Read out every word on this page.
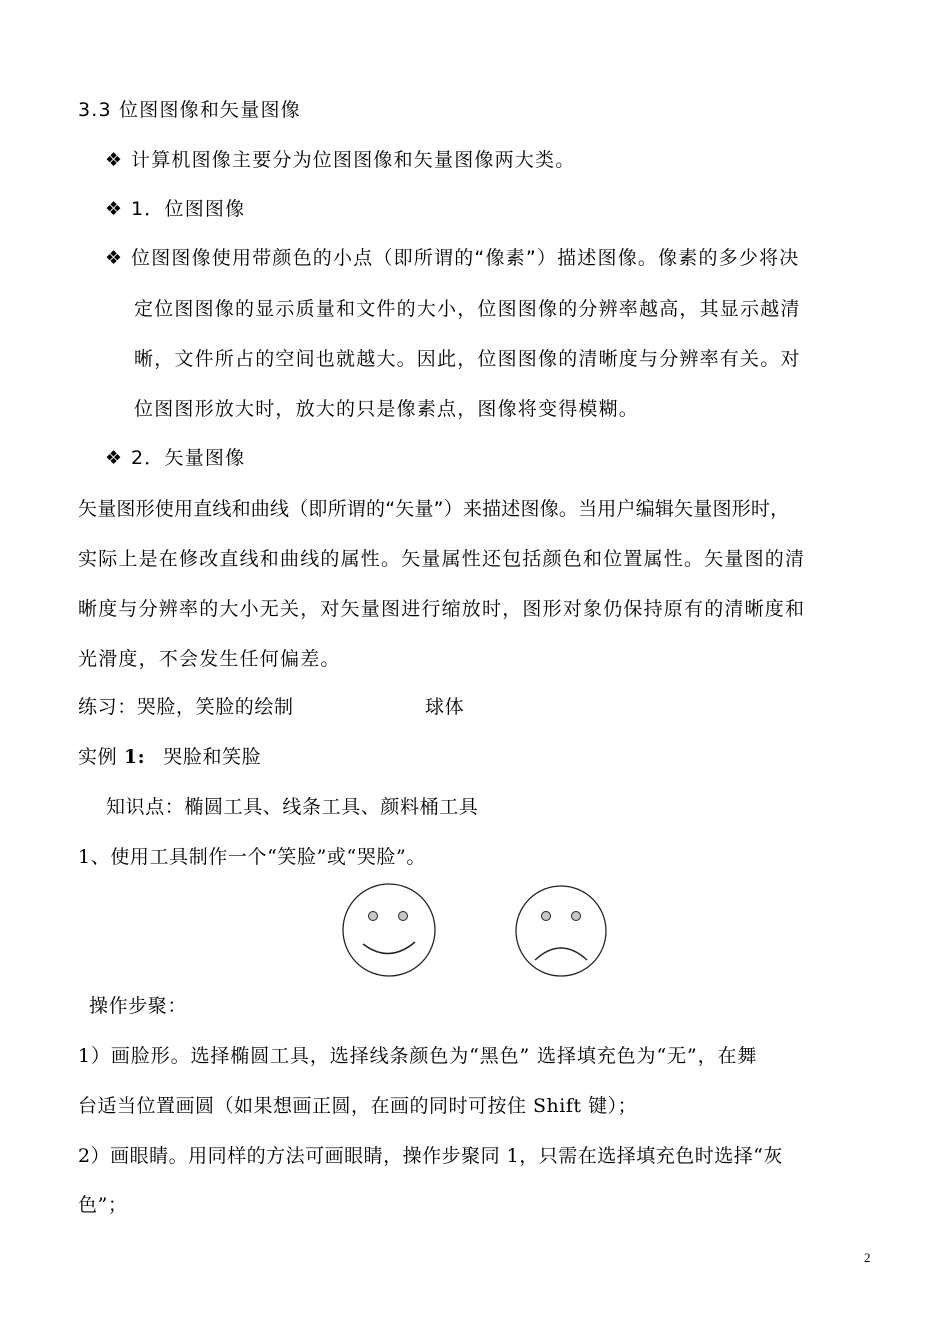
3.3 位图图像和矢量图像
❖ 计算机图像主要分为位图图像和矢量图像两大类。
❖ 1．位图图像
❖ 位图图像使用带颜色的小点（即所谓的“像素”）描述图像。像素的多少将决
定位图图像的显示质量和文件的大小，位图图像的分辨率越高，其显示越清
晰，文件所占的空间也就越大。因此，位图图像的清晰度与分辨率有关。对
位图图形放大时，放大的只是像素点，图像将变得模糊。
❖ 2．矢量图像
矢量图形使用直线和曲线（即所谓的“矢量”）来描述图像。当用户编辑矢量图形时，
实际上是在修改直线和曲线的属性。矢量属性还包括颜色和位置属性。矢量图的清
晰度与分辨率的大小无关，对矢量图进行缩放时，图形对象仍保持原有的清晰度和
光滑度，不会发生任何偏差。
练习：哭脸，笑脸的绘制	球体
实例 1: 哭脸和笑脸
知识点：椭圆工具、线条工具、颜料桶工具
1、使用工具制作一个“笑脸”或“哭脸”。
操作步聚：
1）画脸形。选择椭圆工具，选择线条颜色为“黑色” 选择填充色为“无”，在舞
台适当位置画圆（如果想画正圆，在画的同时可按住 Shift 键）；
2）画眼睛。用同样的方法可画眼睛，操作步聚同 1，只需在选择填充色时选择“灰
色”；
2
